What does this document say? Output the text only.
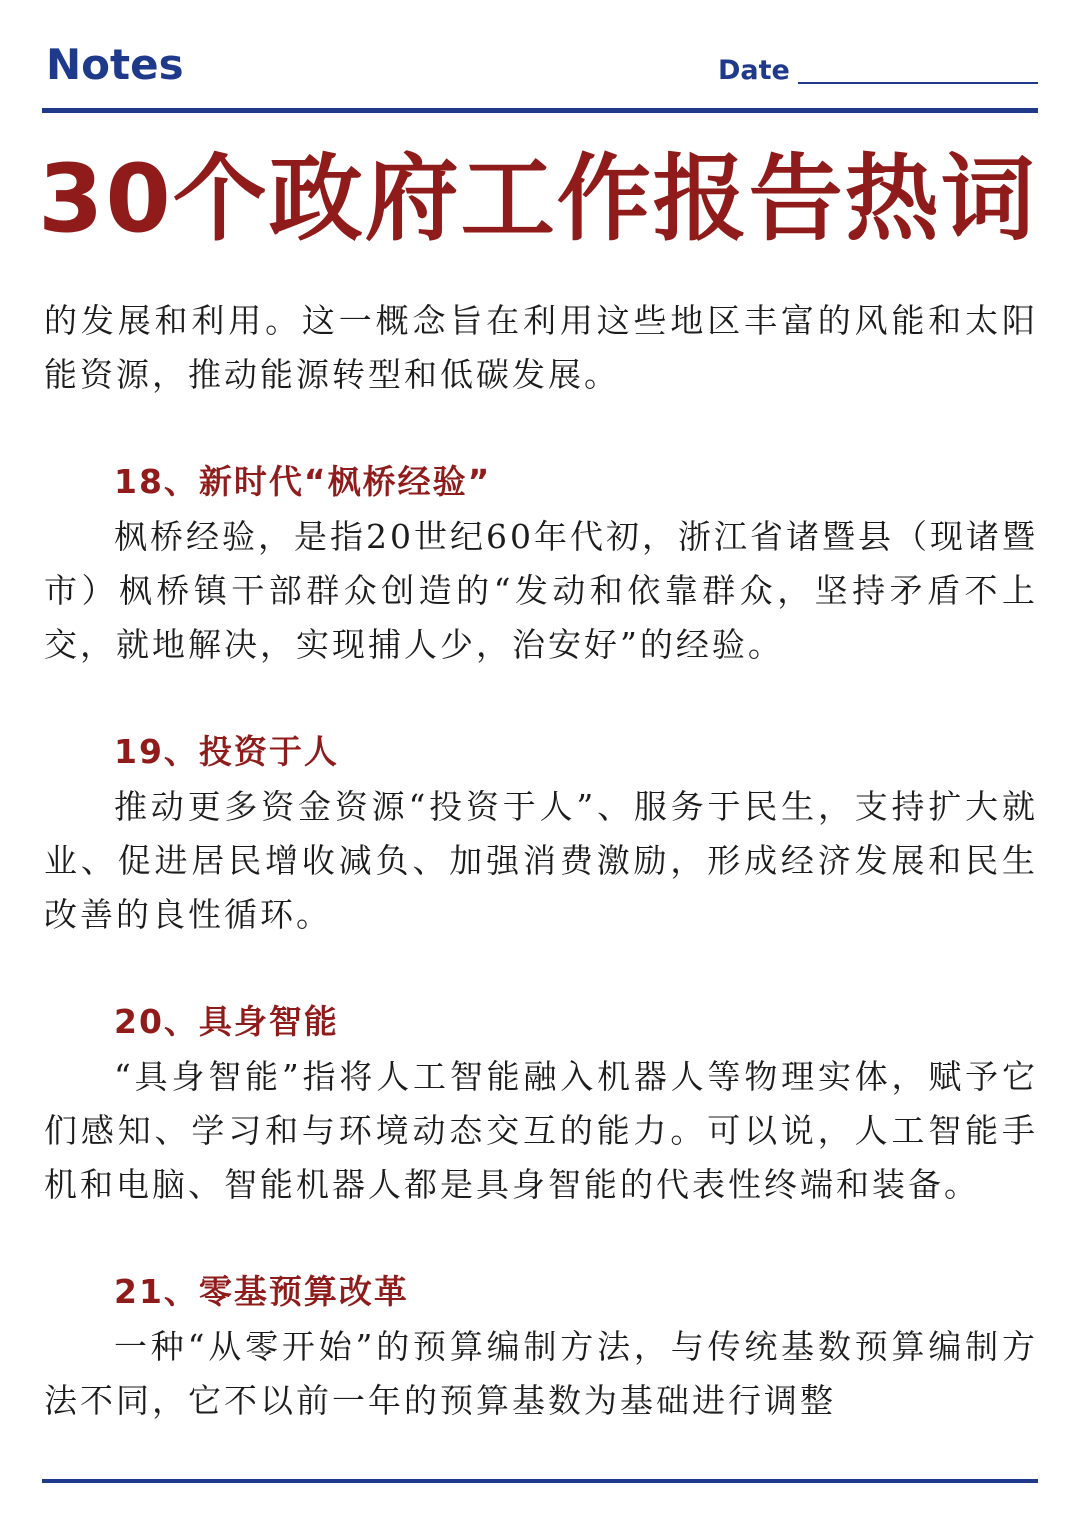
Notes	Date
30个政府工作报告热词

的发展和利用。这一概念旨在利用这些地区丰富的风能和太阳能资源，推动能源转型和低碳发展。

18、新时代“枫桥经验”

枫桥经验，是指20世纪60年代初，浙江省诸暨县（现诸暨市）枫桥镇干部群众创造的“发动和依靠群众，坚持矛盾不上交，就地解决，实现捕人少，治安好”的经验。

19、投资于人

推动更多资金资源“投资于人”、服务于民生，支持扩大就业、促进居民增收减负、加强消费激励，形成经济发展和民生改善的良性循环。

20、具身智能

“具身智能”指将人工智能融入机器人等物理实体，赋予它们感知、学习和与环境动态交互的能力。可以说，人工智能手机和电脑、智能机器人都是具身智能的代表性终端和装备。

21、零基预算改革

一种“从零开始”的预算编制方法，与传统基数预算编制方法不同，它不以前一年的预算基数为基础进行调整
